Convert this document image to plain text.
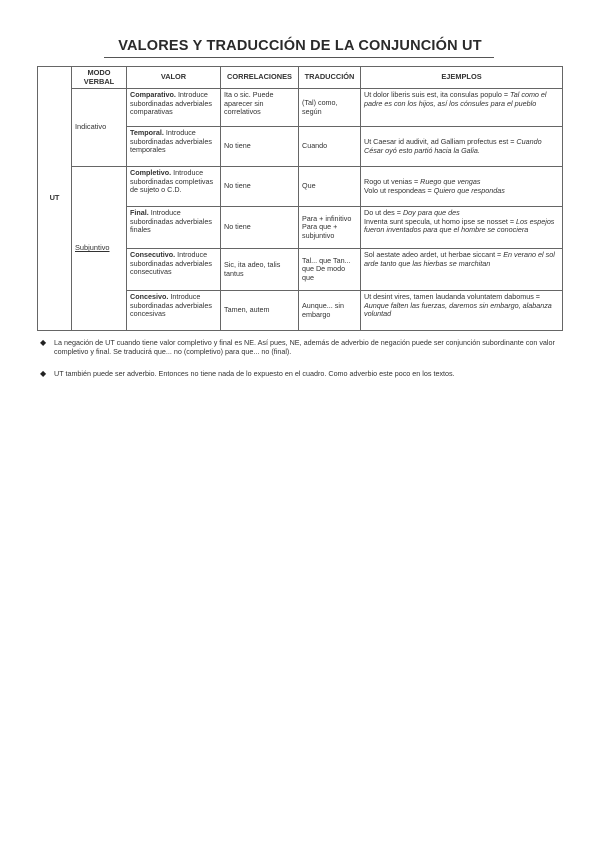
VALORES Y TRADUCCIÓN DE LA CONJUNCIÓN UT
UT	MODO VERBAL	VALOR	CORRELACIONES	TRADUCCIÓN	EJEMPLOS
	Indicativo	Comparativo. Introduce subordinadas adverbiales comparativas	Ita o sic. Puede aparecer sin correlativos	(Tal) como, según	Ut dolor liberis suis est, ita consulas populo = Tal como el padre es con los hijos, así los cónsules para el pueblo
		Temporal. Introduce subordinadas adverbiales temporales	No tiene	Cuando	Ut Caesar id audivit, ad Galliam profectus est = Cuando César oyó esto partió hacia la Galia.
	Subjuntivo	Completivo. Introduce subordinadas completivas de sujeto o C.D.	No tiene	Que	Rogo ut venias = Ruego que vengas
Volo ut respondeas = Quiero que respondas

		Final. Introduce subordinadas adverbiales finales	No tiene	Para + infinitivo Para que + subjuntivo	Do ut des = Doy para que des
Inventa sunt specula, ut homo ipse se nosset = Los espejos fueron inventados para que el hombre se conociera

		Consecutivo. Introduce subordinadas adverbiales consecutivas	Sic, ita adeo, talis tantus	Tal... que Tan... que De modo que	Sol aestate adeo ardet, ut herbae siccant = En verano el sol arde tanto que las hierbas se marchitan
		Concesivo. Introduce subordinadas adverbiales concesivas	Tamen, autem	Aunque... sin embargo	Ut desint vires, tamen laudanda voluntatem dabomus = Aunque falten las fuerzas, daremos sin embargo, alabanza voluntad
◆ La negación de UT cuando tiene valor completivo y final es NE. Así pues, NE, además de adverbio de negación puede ser conjunción subordinante con valor completivo y final. Se traducirá que... no (completivo) para que... no (final).
◆ UT también puede ser adverbio. Entonces no tiene nada de lo expuesto en el cuadro. Como adverbio este poco en los textos.
